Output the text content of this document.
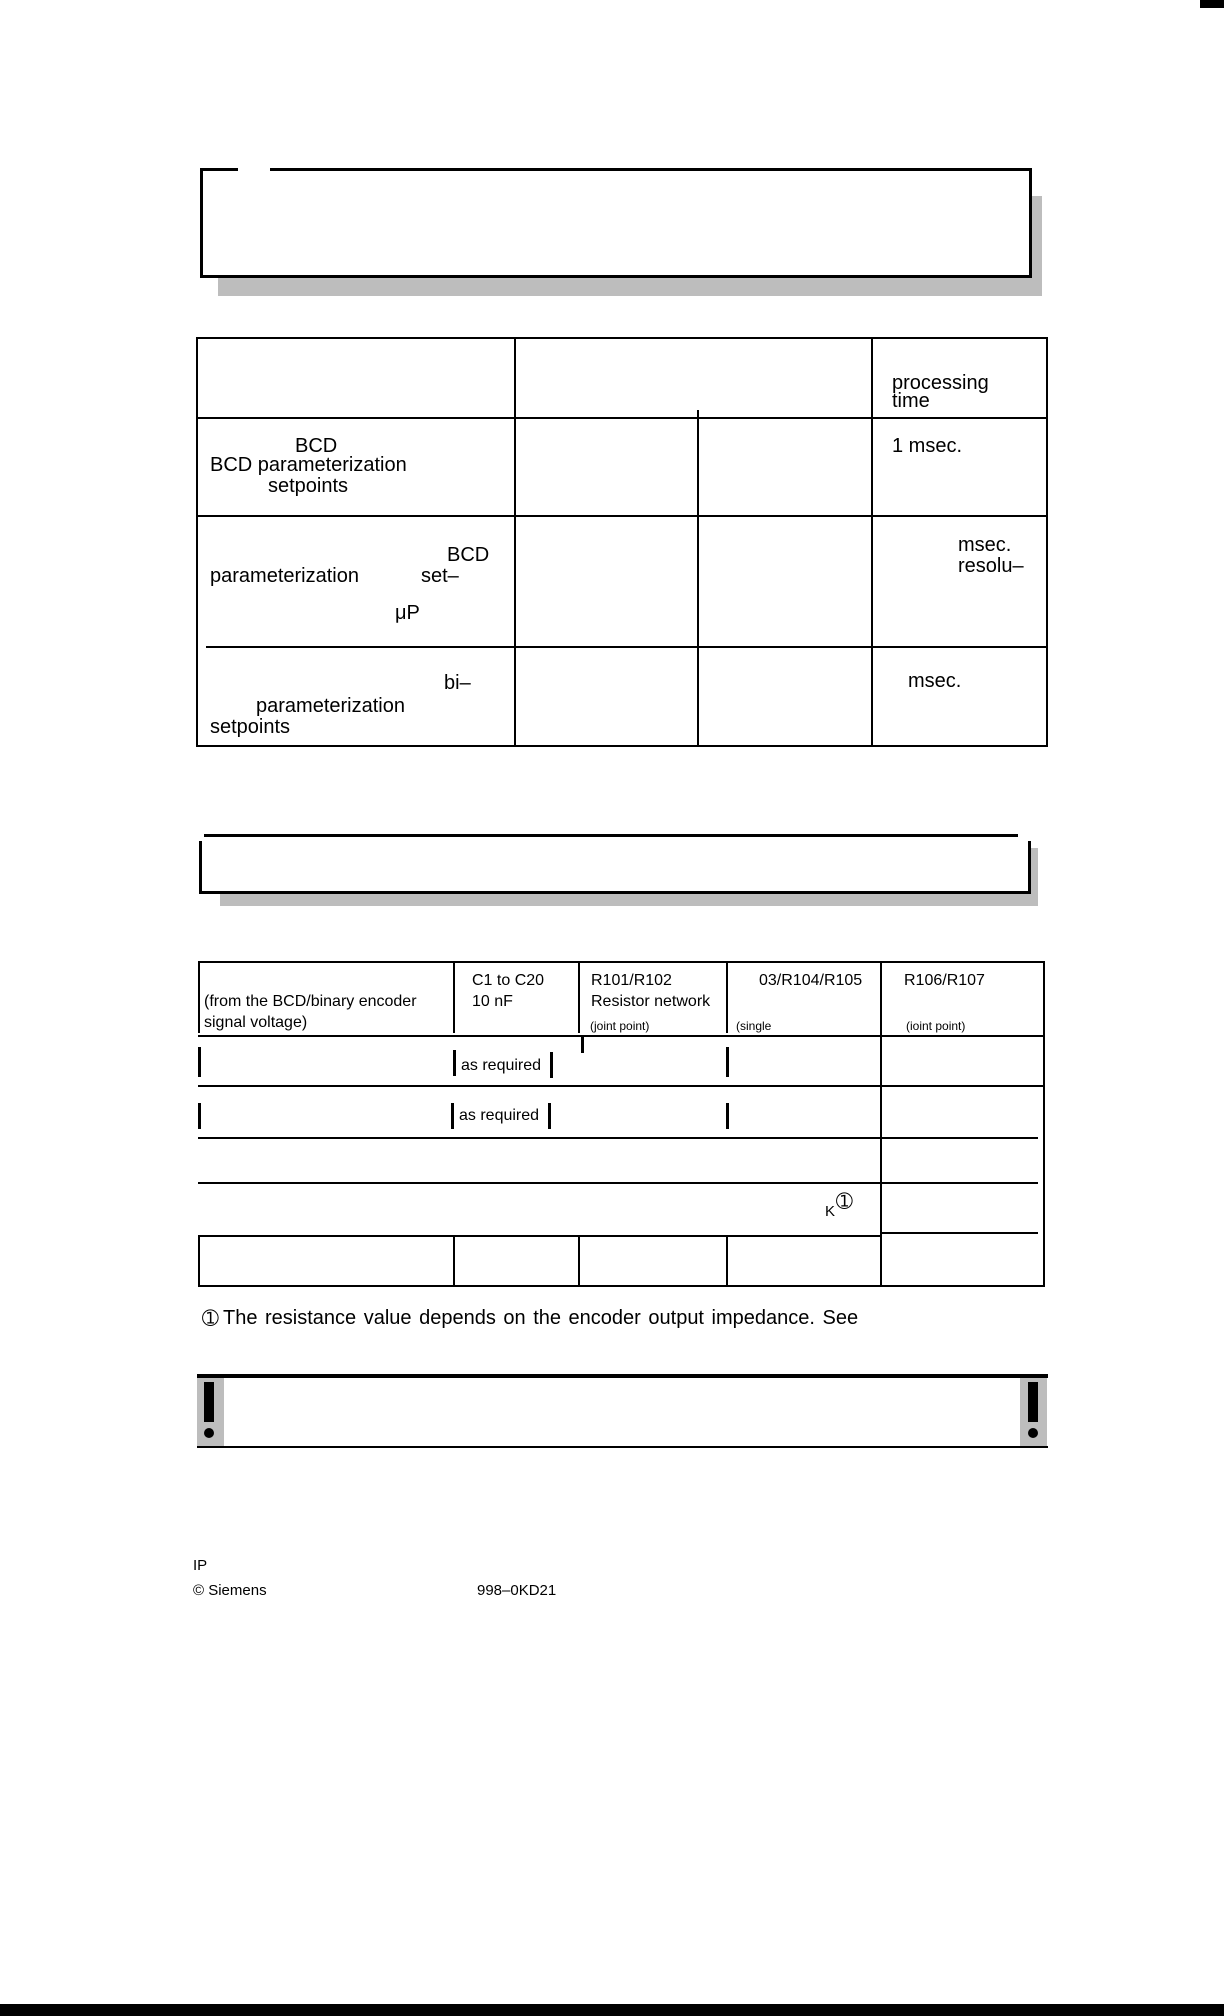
processing
time
BCD
BCD parameterization
setpoints
1 msec.
BCD
parameterization	set–
μP
msec.
resolu–
bi–
parameterization
setpoints
msec.
(from the BCD/binary encoder
signal voltage)
C1 to C20
10 nF
R101/R102
Resistor network
(joint point)
03/R104/R105
(single
R106/R107
(ioint point)
as required
as required
K ➀
➀ The resistance value depends on the encoder output impedance. See
IP
© Siemens	998–0KD21
